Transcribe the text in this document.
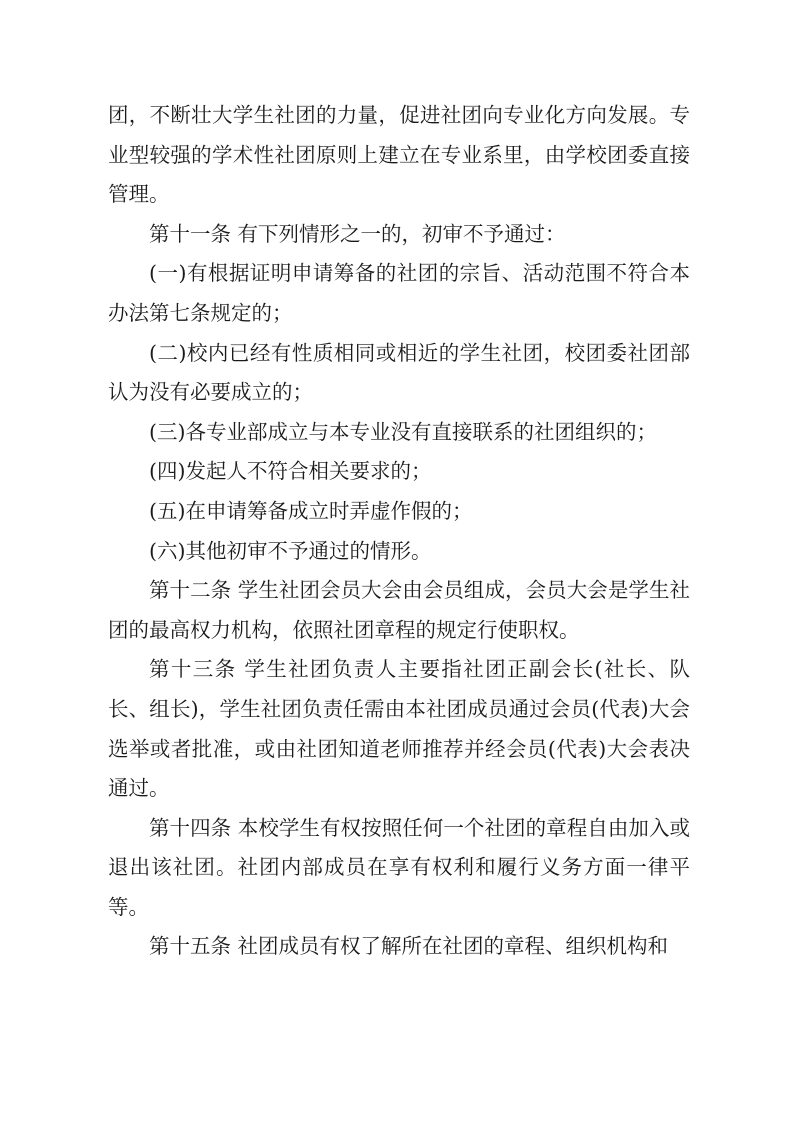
团，不断壮大学生社团的力量，促进社团向专业化方向发展。专业型较强的学术性社团原则上建立在专业系里，由学校团委直接管理。

第十一条 有下列情形之一的，初审不予通过：

(一)有根据证明申请筹备的社团的宗旨、活动范围不符合本办法第七条规定的；

(二)校内已经有性质相同或相近的学生社团，校团委社团部认为没有必要成立的；

(三)各专业部成立与本专业没有直接联系的社团组织的；

(四)发起人不符合相关要求的；

(五)在申请筹备成立时弄虚作假的；

(六)其他初审不予通过的情形。

第十二条 学生社团会员大会由会员组成，会员大会是学生社团的最高权力机构，依照社团章程的规定行使职权。

第十三条 学生社团负责人主要指社团正副会长(社长、队长、组长)，学生社团负责任需由本社团成员通过会员(代表)大会选举或者批准，或由社团知道老师推荐并经会员(代表)大会表决通过。

第十四条 本校学生有权按照任何一个社团的章程自由加入或退出该社团。社团内部成员在享有权利和履行义务方面一律平等。

第十五条 社团成员有权了解所在社团的章程、组织机构和
